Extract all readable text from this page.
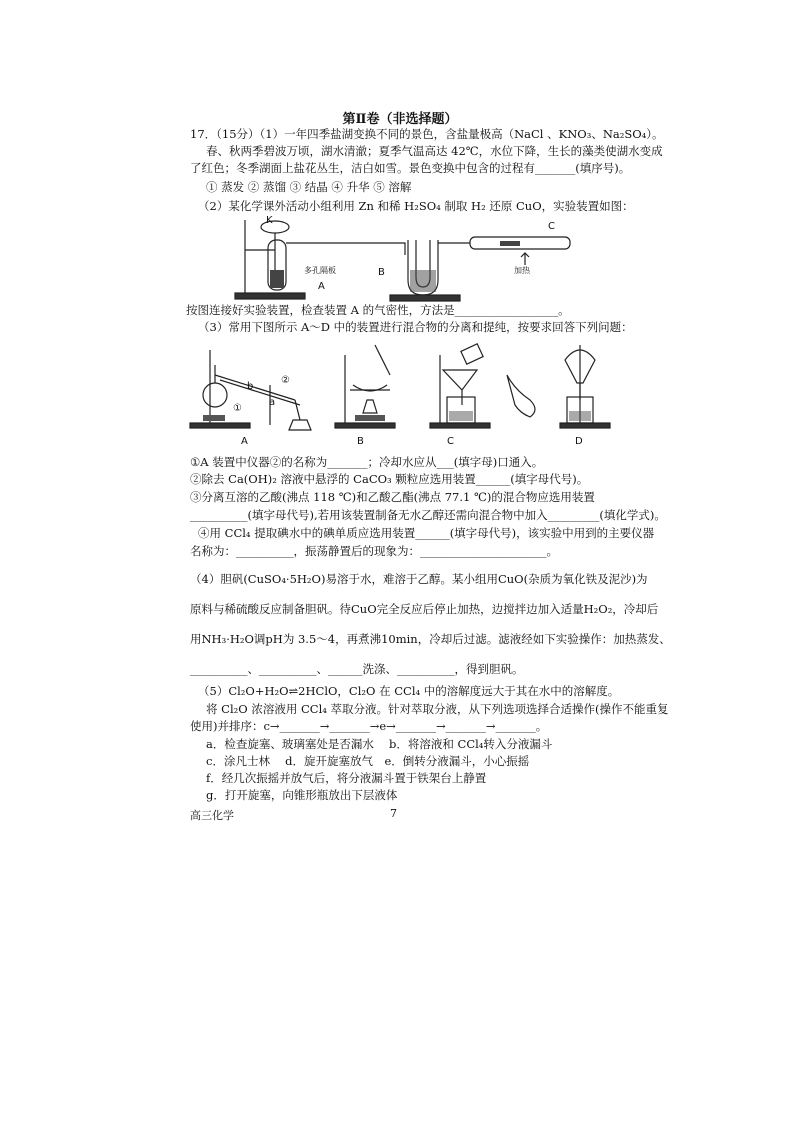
第Ⅱ卷（非选择题）
17．（15分）（1）一年四季盐湖变换不同的景色，含盐量极高（NaCl 、KNO₃、Na₂SO₄）。
春、秋两季碧波万顷，湖水清澈；夏季气温高达 42℃，水位下降，生长的藻类使湖水变成
了红色；冬季湖面上盐花丛生，洁白如雪。景色变换中包含的过程有_______(填序号)。
① 蒸发 ② 蒸馏 ③ 结晶 ④ 升华 ⑤ 溶解
（2）某化学课外活动小组利用 Zn 和稀 H₂SO₄ 制取 H₂ 还原 CuO，实验装置如图：
K
C
B
A
多孔隔板	加热
按图连接好实验装置，检查装置 A 的气密性，方法是__________________。
（3）常用下图所示 A～D 中的装置进行混合物的分离和提纯，按要求回答下列问题：
A	B	C	D
①
②
b
a
①A 装置中仪器②的名称为_______；冷却水应从___(填字母)口通入。
②除去 Ca(OH)₂ 溶液中悬浮的 CaCO₃ 颗粒应选用装置______(填字母代号)。
③分离互溶的乙酸(沸点 118 ℃)和乙酸乙酯(沸点 77.1 ℃)的混合物应选用装置
__________(填字母代号),若用该装置制备无水乙醇还需向混合物中加入_________(填化学式)。
④用 CCl₄ 提取碘水中的碘单质应选用装置______(填字母代号)，该实验中用到的主要仪器
名称为：__________，振荡静置后的现象为：______________________。
（4）胆矾(CuSO₄·5H₂O)易溶于水，难溶于乙醇。某小组用CuO(杂质为氧化铁及泥沙)为
原料与稀硫酸反应制备胆矾。待CuO完全反应后停止加热，边搅拌边加入适量H₂O₂，冷却后
用NH₃·H₂O调pH为 3.5～4，再煮沸10min，冷却后过滤。滤液经如下实验操作：加热蒸发、
__________、__________、______洗涤、__________，得到胆矾。
（5）Cl₂O+H₂O⇌2HClO，Cl₂O 在 CCl₄ 中的溶解度远大于其在水中的溶解度。
将 Cl₂O 浓溶液用 CCl₄ 萃取分液。针对萃取分液，从下列选项选择合适操作(操作不能重复
使用)并排序：c→_______→_______→e→_______→_______→_______。
a．检查旋塞、玻璃塞处是否漏水　 b．将溶液和 CCl₄转入分液漏斗
c．涂凡士林　 d．旋开旋塞放气　e．倒转分液漏斗，小心振摇
f．经几次振摇并放气后，将分液漏斗置于铁架台上静置
g．打开旋塞，向锥形瓶放出下层液体
高三化学	7
